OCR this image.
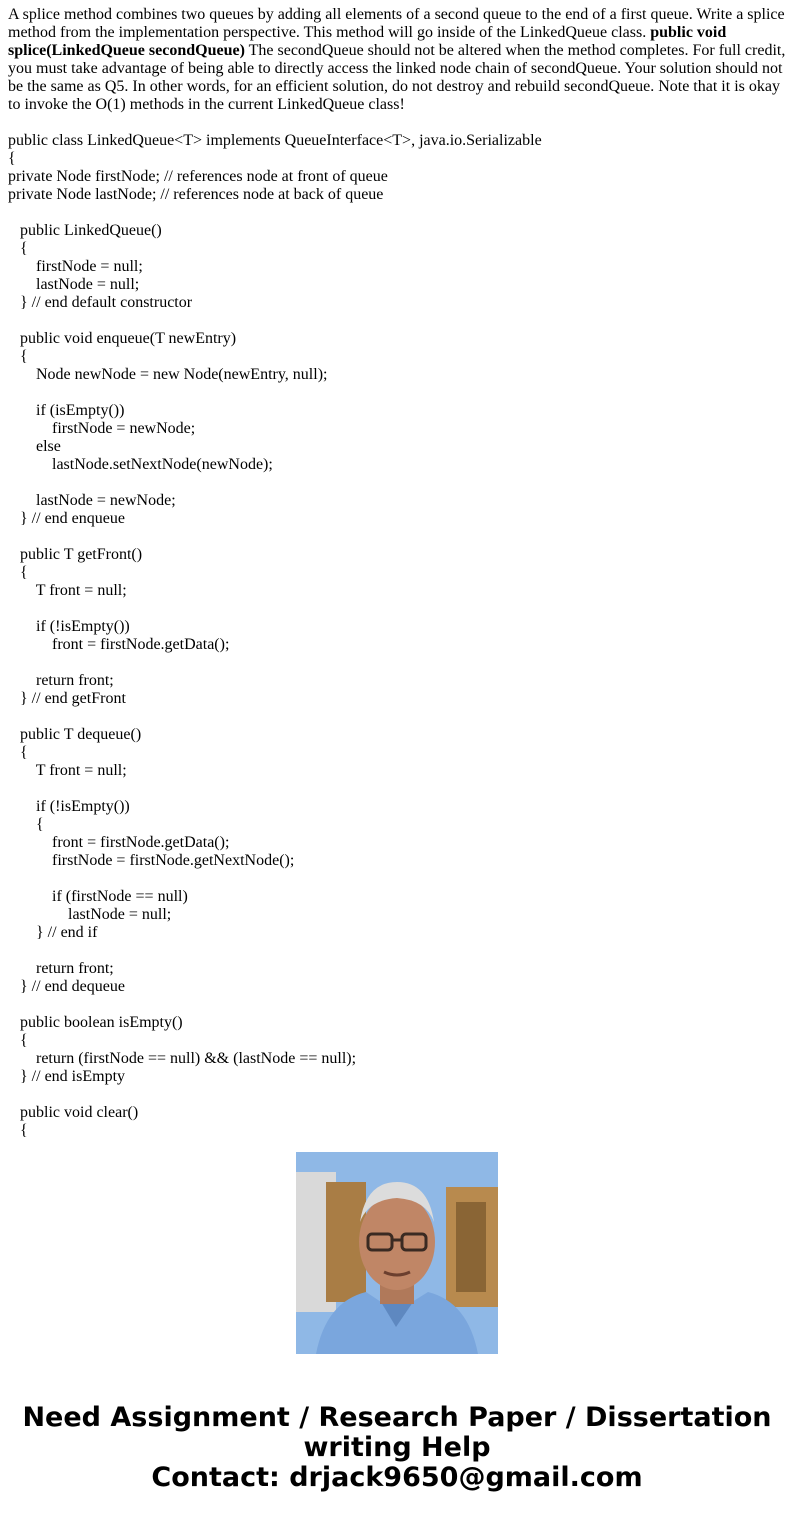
A splice method combines two queues by adding all elements of a second queue to the end of a first queue. Write a splice method from the implementation perspective. This method will go inside of the LinkedQueue class. public void splice(LinkedQueue secondQueue) The secondQueue should not be altered when the method completes. For full credit, you must take advantage of being able to directly access the linked node chain of secondQueue. Your solution should not be the same as Q5. In other words, for an efficient solution, do not destroy and rebuild secondQueue. Note that it is okay to invoke the O(1) methods in the current LinkedQueue class!

public class LinkedQueue<T> implements QueueInterface<T>, java.io.Serializable
{
private Node firstNode; // references node at front of queue
private Node lastNode; // references node at back of queue
public LinkedQueue()
{
firstNode = null;
lastNode = null;
} // end default constructor
public void enqueue(T newEntry)
{
Node newNode = new Node(newEntry, null);
if (isEmpty())
firstNode = newNode;
else
lastNode.setNextNode(newNode);
lastNode = newNode;
} // end enqueue
public T getFront()
{
T front = null;
if (!isEmpty())
front = firstNode.getData();
return front;
} // end getFront
public T dequeue()
{
T front = null;
if (!isEmpty())
{
front = firstNode.getData();
firstNode = firstNode.getNextNode();
if (firstNode == null)
lastNode = null;
} // end if
return front;
} // end dequeue
public boolean isEmpty()
{
return (firstNode == null) && (lastNode == null);
} // end isEmpty
public void clear()
{
Need Assignment / Research Paper / Dissertation
writing Help
Contact: drjack9650@gmail.com
